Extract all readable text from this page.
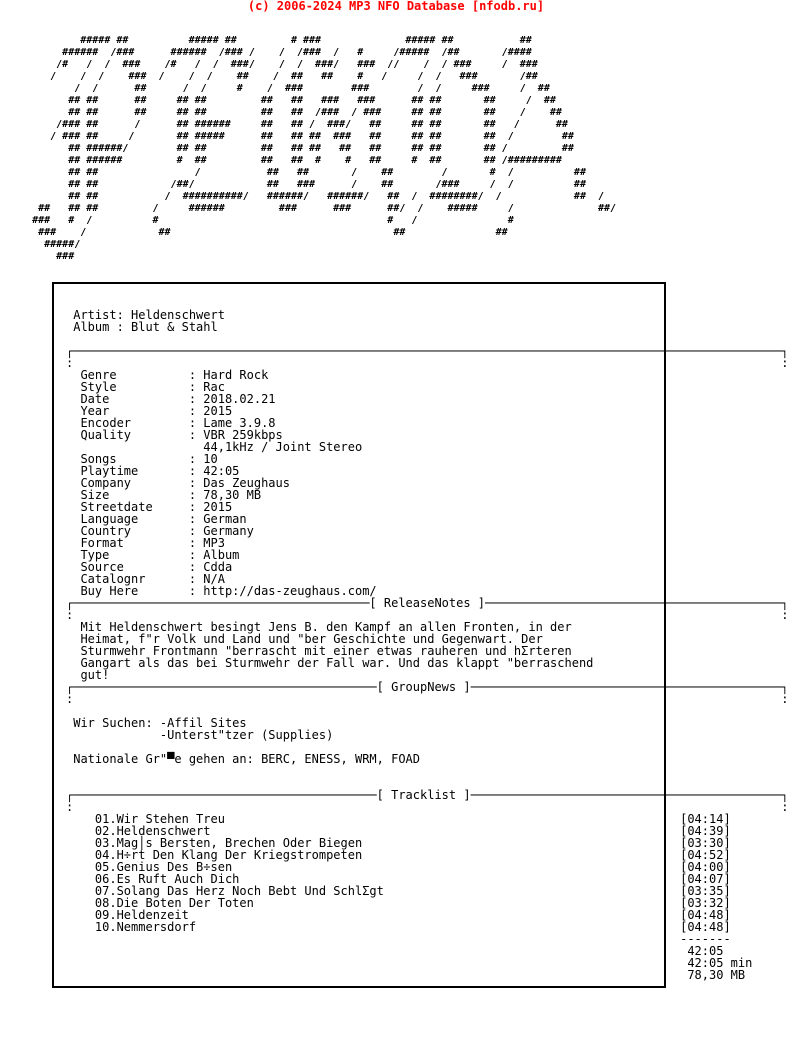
(c) 2006-2024 MP3 NFO Database [nfodb.ru]
##### ##          ##### ##         # ###              ##### ##           ##
######  /###      ######  /### /    /  /###  /   #     /#####  /##       /####
/#   /  /  ###    /#   /  /  ###/    /  /  ###/   ###  //    /  / ###     /  ###
/    /  /    ###  /    /  /    ##    /  ##   ##    #   /     /  /   ###       /##
/  /      ##      /  /     #    /  ###        ###        /  /     ###     /  ##
## ##      ##     ## ##         ##   ##   ###   ###      ## ##       ##     /  ##
## ##      ##     ## ##         ##   ##  /###  / ###     ## ##       ##    /    ##
/### ##      /      ## ######     ##   ## /  ###/   ##     ## ##       ##   /      ##
/ ### ##     /       ## #####      ##   ## ##  ###   ##     ## ##       ##  /        ##
## ######/        ## ##         ##   ## ##   ##   ##     ## ##       ## /         ##
## ######         #  ##         ##   ##  #    #   ##     #  ##       ## /#########
## ##                /           ##   ##       /    ##        /       #  /          ##
## ##            /##/            ##   ###      /    ##       /###     /  /          ##
## ##           /  ##########/   ######/   ######/   ##  /  ########/  /            ##  /
##   ## ##         /     ######         ###      ###      ##/  /    #####     /              ##/
###   #  /          #                                      #   /               #
###    /            ##                                     ##               ##
#####/
###

Artist: Heldenschwert
Album : Blut & Stahl

┌──────────────────────────────────────────────────────────────────────────────────────────────────┐
:                                                                                                  :
Genre          : Hard Rock
Style          : Rac
Date           : 2018.02.21
Year           : 2015
Encoder        : Lame 3.9.8
Quality        : VBR 259kbps
44,1kHz / Joint Stereo
Songs          : 10
Playtime       : 42:05
Company        : Das Zeughaus
Size           : 78,30 MB
Streetdate     : 2015
Language       : German
Country        : Germany
Format         : MP3
Type           : Album
Source         : Cdda
Catalognr      : N/A
Buy Here       : http://das-zeughaus.com/
┌─────────────────────────────────────────[ ReleaseNotes ]─────────────────────────────────────────┐
:                                                                                                  :
Mit Heldenschwert besingt Jens B. den Kampf an allen Fronten, in der
Heimat, f"r Volk und Land und "ber Geschichte und Gegenwart. Der
Sturmwehr Frontmann "berrascht mit einer etwas rauheren und hΣrteren
Gangart als das bei Sturmwehr der Fall war. Und das klappt "berraschend
gut!
┌──────────────────────────────────────────[ GroupNews ]───────────────────────────────────────────┐
:                                                                                                  :

Wir Suchen: -Affil Sites
-Unterst"tzer (Supplies)

Nationale Gr"▀e gehen an: BERC, ENESS, WRM, FOAD

┌──────────────────────────────────────────[ Tracklist ]───────────────────────────────────────────┐
:                                                                                                  :
01.Wir Stehen Treu                                                               [04:14]
02.Heldenschwert                                                                 [04:39]
03.Mag│s Bersten, Brechen Oder Biegen                                            [03:30]
04.H÷rt Den Klang Der Kriegstrompeten                                            [04:52]
05.Genius Des B÷sen                                                              [04:00]
06.Es Ruft Auch Dich                                                             [04:07]
07.Solang Das Herz Noch Bebt Und SchlΣgt                                         [03:35]
08.Die Boten Der Toten                                                           [03:32]
09.Heldenzeit                                                                    [04:48]
10.Nemmersdorf                                                                   [04:48]
-------
42:05
42:05 min
78,30 MB
